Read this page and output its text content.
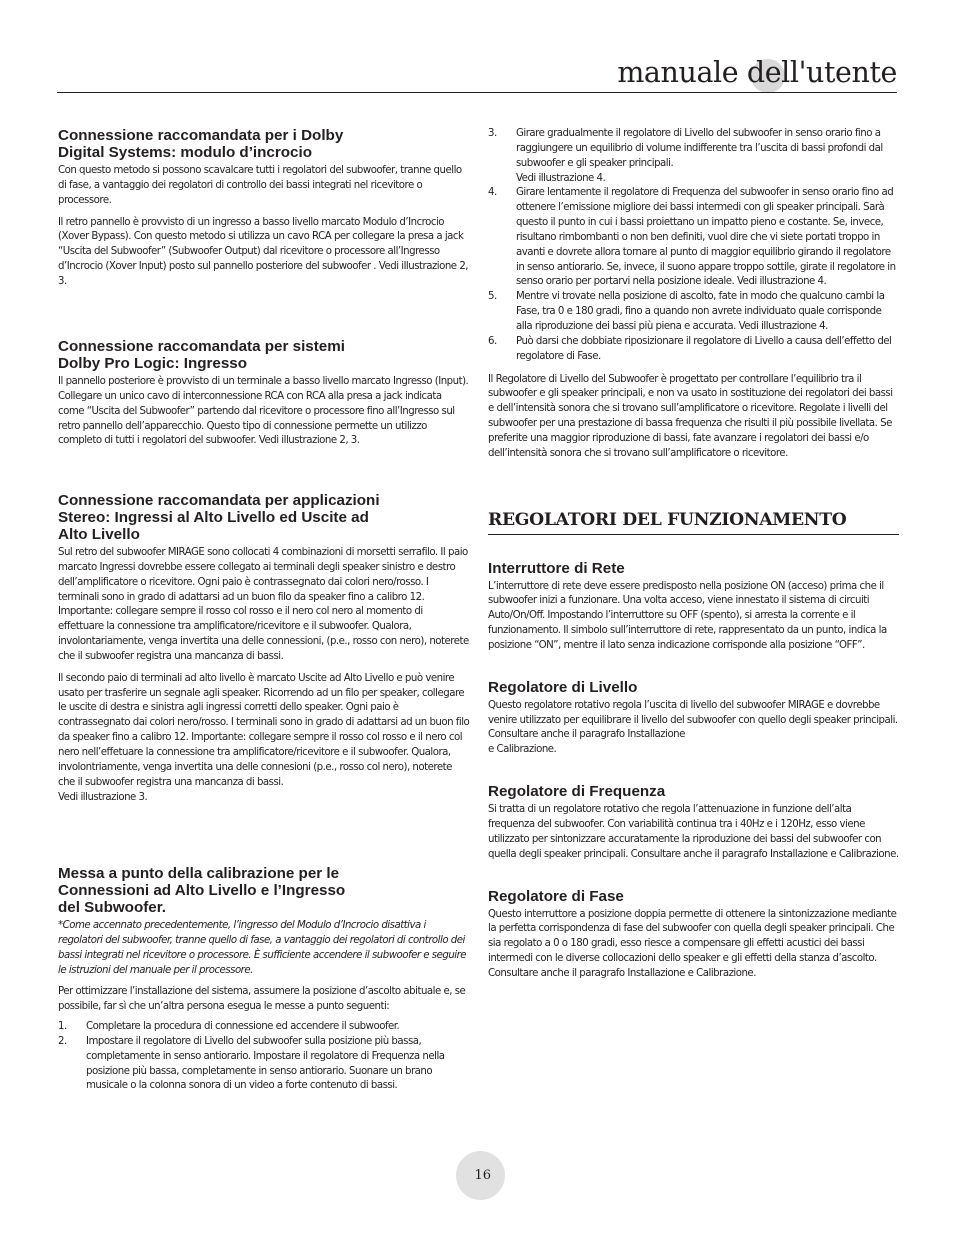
manuale dell'utente
Connessione raccomandata per i Dolby
Digital Systems: modulo d’incrocio

Con questo metodo si possono scavalcare tutti i regolatori del subwoofer, tranne quello di fase, a vantaggio dei regolatori di controllo dei bassi integrati nel ricevitore o processore.

Il retro pannello è provvisto di un ingresso a basso livello marcato Modulo d’Incrocio (Xover Bypass). Con questo metodo si utilizza un cavo RCA per collegare la presa a jack “Uscita del Subwoofer” (Subwoofer Output) dal ricevitore o processore all’Ingresso d’Incrocio (Xover Input) posto sul pannello posteriore del subwoofer . Vedi illustrazione 2, 3.

Connessione raccomandata per sistemi
Dolby Pro Logic: Ingresso

Il pannello posteriore è provvisto di un terminale a basso livello marcato Ingresso (Input). Collegare un unico cavo di interconnessione RCA con RCA alla presa a jack indicata come “Uscita del Subwoofer” partendo dal ricevitore o processore fino all’Ingresso sul retro pannello dell’apparecchio. Questo tipo di connessione permette un utilizzo completo di tutti i regolatori del subwoofer. Vedi illustrazione 2, 3.

Connessione raccomandata per applicazioni
Stereo: Ingressi al Alto Livello ed Uscite ad
Alto Livello

Sul retro del subwoofer MIRAGE sono collocati 4 combinazioni di morsetti serrafilo. Il paio marcato Ingressi dovrebbe essere collegato ai terminali degli speaker sinistro e destro dell’amplificatore o ricevitore. Ogni paio è contrassegnato dai colori nero/rosso. I terminali sono in grado di adattarsi ad un buon filo da speaker fino a calibro 12. Importante: collegare sempre il rosso col rosso e il nero col nero al momento di effettuare la connessione tra amplificatore/ricevitore e il subwoofer. Qualora, involontariamente, venga invertita una delle connessioni, (p.e., rosso con nero), noterete che il subwoofer registra una mancanza di bassi.

Il secondo paio di terminali ad alto livello è marcato Uscite ad Alto Livello e può venire usato per trasferire un segnale agli speaker. Ricorrendo ad un filo per speaker, collegare le uscite di destra e sinistra agli ingressi corretti dello speaker. Ogni paio è contrassegnato dai colori nero/rosso. I terminali sono in grado di adattarsi ad un buon filo da speaker fino a calibro 12. Importante: collegare sempre il rosso col rosso e il nero col nero nell’effetuare la connessione tra amplificatore/ricevitore e il subwoofer. Qualora, involontriamente, venga invertita una delle connesioni (p.e., rosso col nero), noterete che il subwoofer registra una mancanza di bassi.
Vedi illustrazione 3.

Messa a punto della calibrazione per le
Connessioni ad Alto Livello e l’Ingresso
del Subwoofer.

*Come accennato precedentemente, l’ingresso del Modulo d’Incrocio disattiva i regolatori del subwoofer, tranne quello di fase, a vantaggio dei regolatori di controllo dei bassi integrati nel ricevitore o processore. È sufficiente accendere il subwoofer e seguire le istruzioni del manuale per il processore.

Per ottimizzare l’installazione del sistema, assumere la posizione d’ascolto abituale e, se possibile, far sì che un’altra persona esegua le messe a punto seguenti:

1. Completare la procedura di connessione ed accendere il subwoofer.
2. Impostare il regolatore di Livello del subwoofer sulla posizione più bassa, completamente in senso antiorario. Impostare il regolatore di Frequenza nella posizione più bassa, completamente in senso antiorario. Suonare un brano musicale o la colonna sonora di un video a forte contenuto di bassi.
3. Girare gradualmente il regolatore di Livello del subwoofer in senso orario fino a raggiungere un equilibrio di volume indifferente tra l’uscita di bassi profondi dal subwoofer e gli speaker principali.
Vedi illustrazione 4.
4. Girare lentamente il regolatore di Frequenza del subwoofer in senso orario fino ad ottenere l’emissione migliore dei bassi intermedi con gli speaker principali. Sarà questo il punto in cui i bassi proiettano un impatto pieno e costante. Se, invece, risultano rimbombanti o non ben definiti, vuol dire che vi siete portati troppo in avanti e dovrete allora tornare al punto di maggior equilibrio girando il regolatore in senso antiorario. Se, invece, il suono appare troppo sottile, girate il regolatore in senso orario per portarvi nella posizione ideale. Vedi illustrazione 4.
5. Mentre vi trovate nella posizione di ascolto, fate in modo che qualcuno cambi la Fase, tra 0 e 180 gradi, fino a quando non avrete individuato quale corrisponde alla riproduzione dei bassi più piena e accurata. Vedi illustrazione 4.
6. Può darsi che dobbiate riposizionare il regolatore di Livello a causa dell’effetto del regolatore di Fase.

Il Regolatore di Livello del Subwoofer è progettato per controllare l’equilibrio tra il subwoofer e gli speaker principali, e non va usato in sostituzione dei regolatori dei bassi e dell’intensità sonora che si trovano sull’amplificatore o ricevitore. Regolate i livelli del subwoofer per una prestazione di bassa frequenza che risulti il più possibile livellata. Se preferite una maggior riproduzione di bassi, fate avanzare i regolatori dei bassi e/o dell’intensità sonora che si trovano sull’amplificatore o ricevitore.

REGOLATORI DEL FUNZIONAMENTO
Interruttore di Rete

L’interruttore di rete deve essere predisposto nella posizione ON (acceso) prima che il subwoofer inizi a funzionare. Una volta acceso, viene innestato il sistema di circuiti Auto/On/Off. Impostando l’interruttore su OFF (spento), si arresta la corrente e il funzionamento. Il simbolo sull’interruttore di rete, rappresentato da un punto, indica la posizione “ON”, mentre il lato senza indicazione corrisponde alla posizione “OFF”.

Regolatore di Livello

Questo regolatore rotativo regola l’uscita di livello del subwoofer MIRAGE e dovrebbe venire utilizzato per equilibrare il livello del subwoofer con quello degli speaker principali. Consultare anche il paragrafo Installazione
e Calibrazione.

Regolatore di Frequenza

Si tratta di un regolatore rotativo che regola l’attenuazione in funzione dell’alta frequenza del subwoofer. Con variabilità continua tra i 40Hz e i 120Hz, esso viene utilizzato per sintonizzare accuratamente la riproduzione dei bassi del subwoofer con quella degli speaker principali. Consultare anche il paragrafo Installazione e Calibrazione.

Regolatore di Fase

Questo interruttore a posizione doppia permette di ottenere la sintonizzazione mediante la perfetta corrispondenza di fase del subwoofer con quella degli speaker principali. Che sia regolato a 0 o 180 gradi, esso riesce a compensare gli effetti acustici dei bassi intermedi con le diverse collocazioni dello speaker e gli effetti della stanza d’ascolto. Consultare anche il paragrafo Installazione e Calibrazione.

16
